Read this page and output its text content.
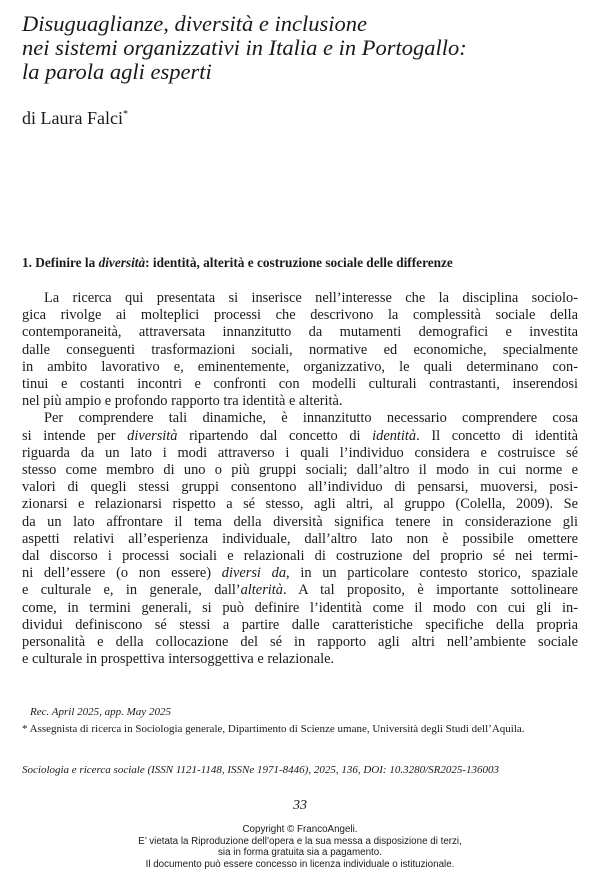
Disuguaglianze, diversità e inclusione
nei sistemi organizzativi in Italia e in Portogallo:
la parola agli esperti
di Laura Falci*
1. Definire la diversità: identità, alterità e costruzione sociale delle differenze
La ricerca qui presentata si inserisce nell’interesse che la disciplina sociolo-
gica rivolge ai molteplici processi che descrivono la complessità sociale della
contemporaneità, attraversata innanzitutto da mutamenti demografici e investita
dalle conseguenti trasformazioni sociali, normative ed economiche, specialmente
in ambito lavorativo e, eminentemente, organizzativo, le quali determinano con-
tinui e costanti incontri e confronti con modelli culturali contrastanti, inserendosi
nel più ampio e profondo rapporto tra identità e alterità.
Per comprendere tali dinamiche, è innanzitutto necessario comprendere cosa
si intende per diversità ripartendo dal concetto di identità. Il concetto di identità
riguarda da un lato i modi attraverso i quali l’individuo considera e costruisce sé
stesso come membro di uno o più gruppi sociali; dall’altro il modo in cui norme e
valori di quegli stessi gruppi consentono all’individuo di pensarsi, muoversi, posi-
zionarsi e relazionarsi rispetto a sé stesso, agli altri, al gruppo (Colella, 2009). Se
da un lato affrontare il tema della diversità significa tenere in considerazione gli
aspetti relativi all’esperienza individuale, dall’altro lato non è possibile omettere
dal discorso i processi sociali e relazionali di costruzione del proprio sé nei termi-
ni dell’essere (o non essere) diversi da, in un particolare contesto storico, spaziale
e culturale e, in generale, dall’alterità. A tal proposito, è importante sottolineare
come, in termini generali, si può definire l’identità come il modo con cui gli in-
dividui definiscono sé stessi a partire dalle caratteristiche specifiche della propria
personalità e della collocazione del sé in rapporto agli altri nell’ambiente sociale
e culturale in prospettiva intersoggettiva e relazionale.
Rec. April 2025, app. May 2025
* Assegnista di ricerca in Sociologia generale, Dipartimento di Scienze umane, Università degli Studi dell’Aquila.
Sociologia e ricerca sociale (ISSN 1121-1148, ISSNe 1971-8446), 2025, 136, DOI: 10.3280/SR2025-136003
33
Copyright © FrancoAngeli.
E’ vietata la Riproduzione dell’opera e la sua messa a disposizione di terzi,
sia in forma gratuita sia a pagamento.
Il documento può essere concesso in licenza individuale o istituzionale.
